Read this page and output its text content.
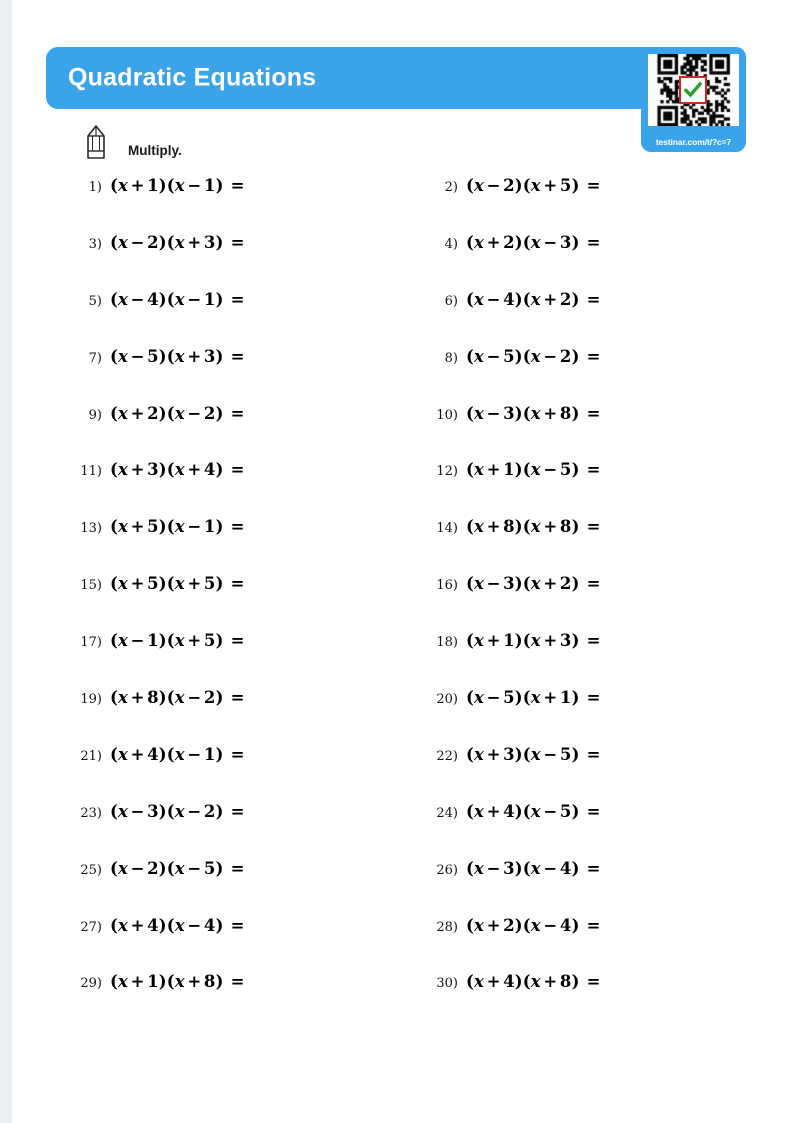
Quadratic Equations
testinar.com/t/?c=7
Multiply.
1) (x + 1)(x − 1) =	2) (x − 2)(x + 5) =
3) (x − 2)(x + 3) =	4) (x + 2)(x − 3) =
5) (x − 4)(x − 1) =	6) (x − 4)(x + 2) =
7) (x − 5)(x + 3) =	8) (x − 5)(x − 2) =
9) (x + 2)(x − 2) =	10) (x − 3)(x + 8) =
11) (x + 3)(x + 4) =	12) (x + 1)(x − 5) =
13) (x + 5)(x − 1) =	14) (x + 8)(x + 8) =
15) (x + 5)(x + 5) =	16) (x − 3)(x + 2) =
17) (x − 1)(x + 5) =	18) (x + 1)(x + 3) =
19) (x + 8)(x − 2) =	20) (x − 5)(x + 1) =
21) (x + 4)(x − 1) =	22) (x + 3)(x − 5) =
23) (x − 3)(x − 2) =	24) (x + 4)(x − 5) =
25) (x − 2)(x − 5) =	26) (x − 3)(x − 4) =
27) (x + 4)(x − 4) =	28) (x + 2)(x − 4) =
29) (x + 1)(x + 8) =	30) (x + 4)(x + 8) =
